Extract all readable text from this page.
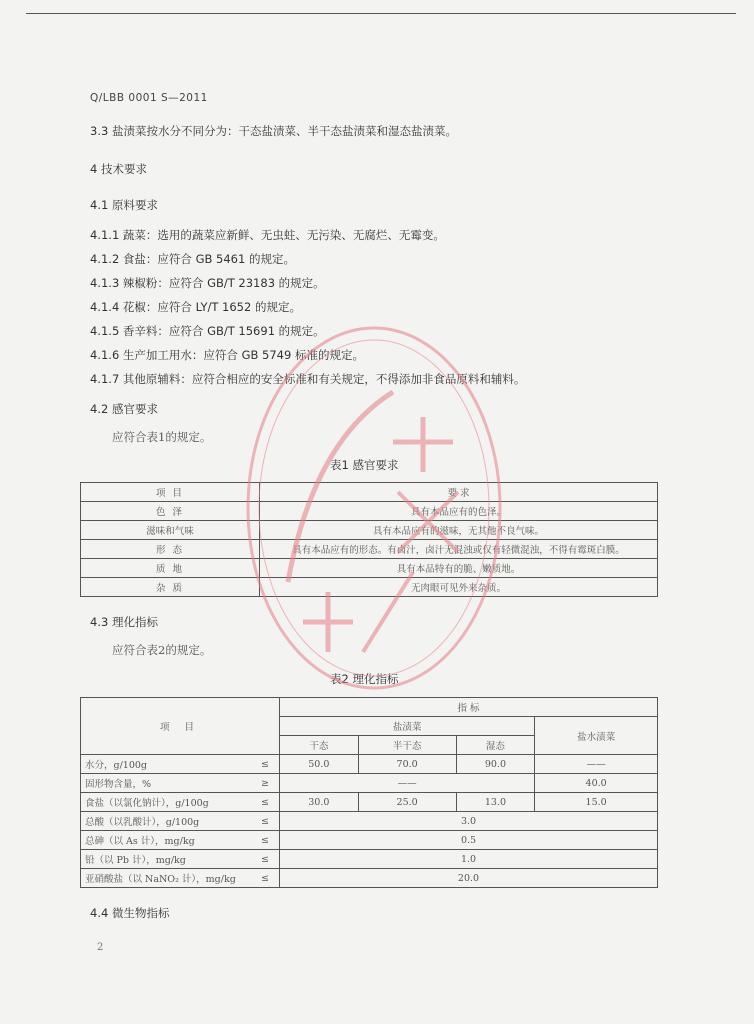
Q/LBB 0001 S—2011
3.3 盐渍菜按水分不同分为：干态盐渍菜、半干态盐渍菜和湿态盐渍菜。
4 技术要求
4.1 原料要求
4.1.1 蔬菜：选用的蔬菜应新鲜、无虫蛀、无污染、无腐烂、无霉变。
4.1.2 食盐：应符合 GB 5461 的规定。
4.1.3 辣椒粉：应符合 GB/T 23183 的规定。
4.1.4 花椒：应符合 LY/T 1652 的规定。
4.1.5 香辛料：应符合 GB/T 15691 的规定。
4.1.6 生产加工用水：应符合 GB 5749 标准的规定。
4.1.7 其他原辅料：应符合相应的安全标准和有关规定，不得添加非食品原料和辅料。
4.2 感官要求
应符合表1的规定。
表1 感官要求
项 目	要 求
色 泽	具有本品应有的色泽。
滋味和气味	具有本品应有的滋味，无其他不良气味。
形 态	具有本品应有的形态。有卤汁，卤汁无混浊或仅有轻微混浊，不得有霉斑白膜。
质 地	具有本品特有的脆、嫩质地。
杂 质	无肉眼可见外来杂质。
4.3 理化指标
应符合表2的规定。
表2 理化指标
项 目		指 标			
		盐渍菜			盐水渍菜
		干态	半干态	湿态	
水分，g/100g	≤	50.0	70.0	90.0	——
固形物含量，%	≥	——			40.0
食盐（以氯化钠计），g/100g	≤	30.0	25.0	13.0	15.0
总酸（以乳酸计），g/100g	≤	3.0			
总砷（以 As 计），mg/kg	≤	0.5			
铅（以 Pb 计），mg/kg	≤	1.0			
亚硝酸盐（以 NaNO₂ 计），mg/kg	≤	20.0			
4.4 微生物指标
2
